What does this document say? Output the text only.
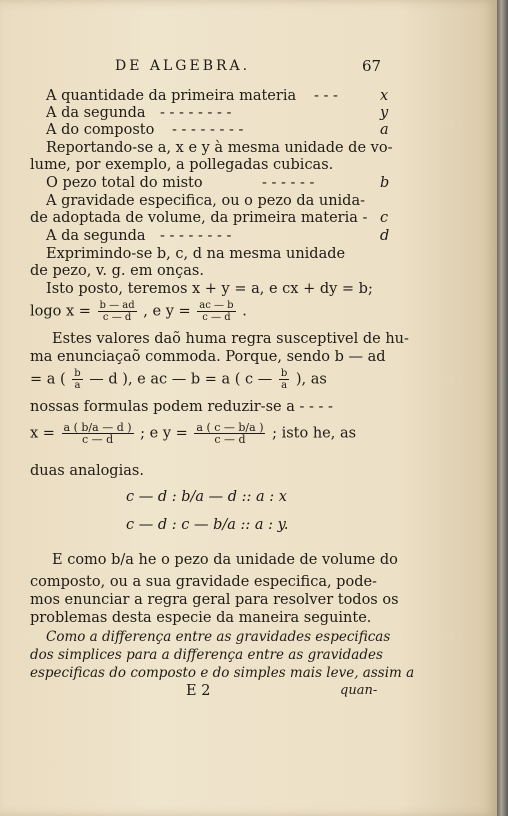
DE ALGEBRA.	67
A quantidade da primeira materia - - -	x
A da segunda - - - - - - - -	y
A do composto - - - - - - - -	a
Reportando-se a, x e y à mesma unidade de vo-
lume, por exemplo, a pollegadas cubicas.
O pezo total do misto	- - - - - -	b
A gravidade especifica, ou o pezo da unida-
de adoptada de volume, da primeira materia - c
A da segunda - - - - - - - -	d
Exprimindo-se b, c, d na mesma unidade
de pezo, v. g. em onças.
Isto posto, teremos x + y = a, e cx + dy = b;
logo $x = \frac{b — ad}{c — d}$ , e $y = \frac{ac — b}{c — d}$ .
Estes valores daõ huma regra susceptivel de hu-
ma enunciaçaõ commoda. Porque, sendo b — ad
= a ( $\frac{b}{a}$ — d ), e ac — b = a ( c — $\frac{b}{a}$ ), as
nossas formulas podem reduzir-se a - - - -
$x = \frac{a ( b/a — d )}{c — d}$ ; e $y = \frac{a ( c — b/a )}{c — d}$ ; isto he, as
duas analogias.
c — d : b/a — d :: a : x
c — d : c — b/a :: a : y.
E como b/a he o pezo da unidade de volume do
composto, ou a sua gravidade especifica, pode-
mos enunciar a regra geral para resolver todos os
problemas desta especie da maneira seguinte.
Como a differença entre as gravidades especificas
dos simplices para a differença entre as gravidades
especificas do composto e do simples mais leve, assim a
E 2	quan-
